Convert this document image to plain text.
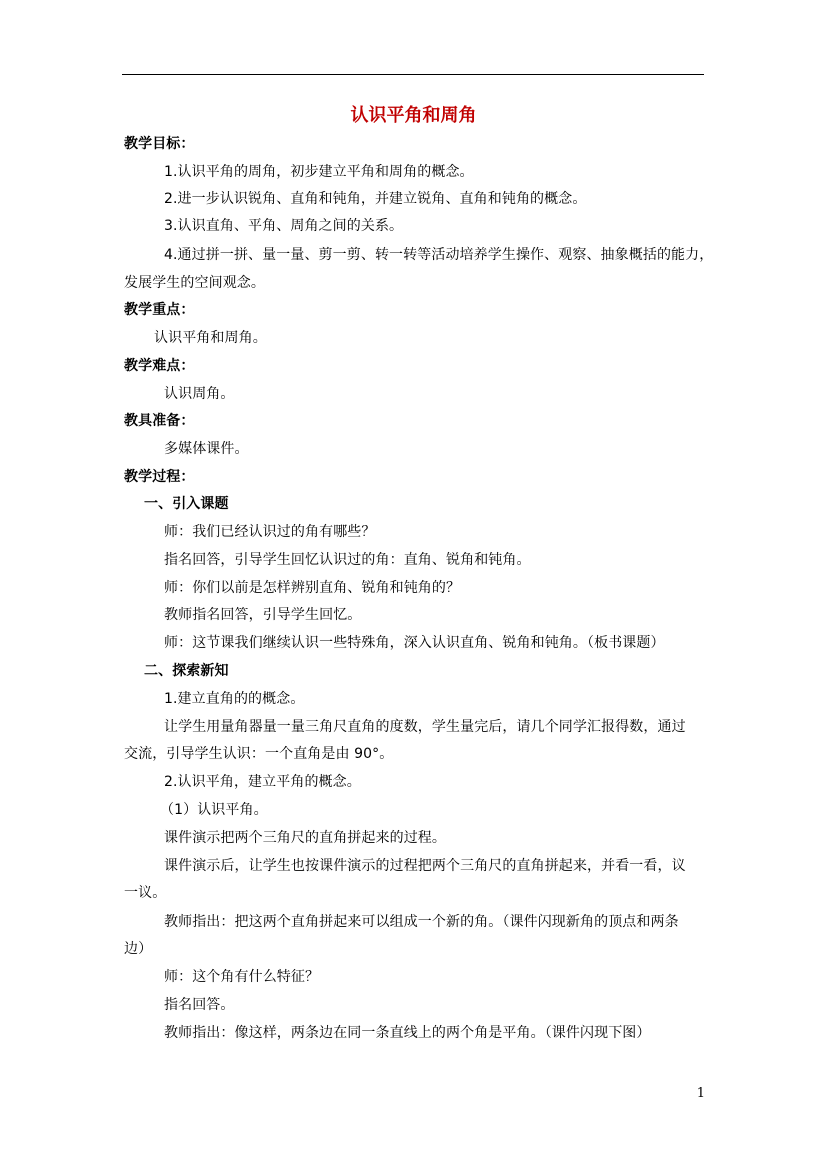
认识平角和周角
教学目标：
1.认识平角的周角，初步建立平角和周角的概念。
2.进一步认识锐角、直角和钝角，并建立锐角、直角和钝角的概念。
3.认识直角、平角、周角之间的关系。
4.通过拼一拼、量一量、剪一剪、转一转等活动培养学生操作、观察、抽象概括的能力，
发展学生的空间观念。
教学重点：
认识平角和周角。
教学难点：
认识周角。
教具准备：
多媒体课件。
教学过程：
一、引入课题
师：我们已经认识过的角有哪些？
指名回答，引导学生回忆认识过的角：直角、锐角和钝角。
师：你们以前是怎样辨别直角、锐角和钝角的？
教师指名回答，引导学生回忆。
师：这节课我们继续认识一些特殊角，深入认识直角、锐角和钝角。（板书课题）
二、探索新知
1.建立直角的的概念。
让学生用量角器量一量三角尺直角的度数，学生量完后，请几个同学汇报得数，通过
交流，引导学生认识：一个直角是由 90°。
2.认识平角，建立平角的概念。
（1）认识平角。
课件演示把两个三角尺的直角拼起来的过程。
课件演示后，让学生也按课件演示的过程把两个三角尺的直角拼起来，并看一看，议
一议。
教师指出：把这两个直角拼起来可以组成一个新的角。（课件闪现新角的顶点和两条
边）
师：这个角有什么特征？
指名回答。
教师指出：像这样，两条边在同一条直线上的两个角是平角。（课件闪现下图）
1
